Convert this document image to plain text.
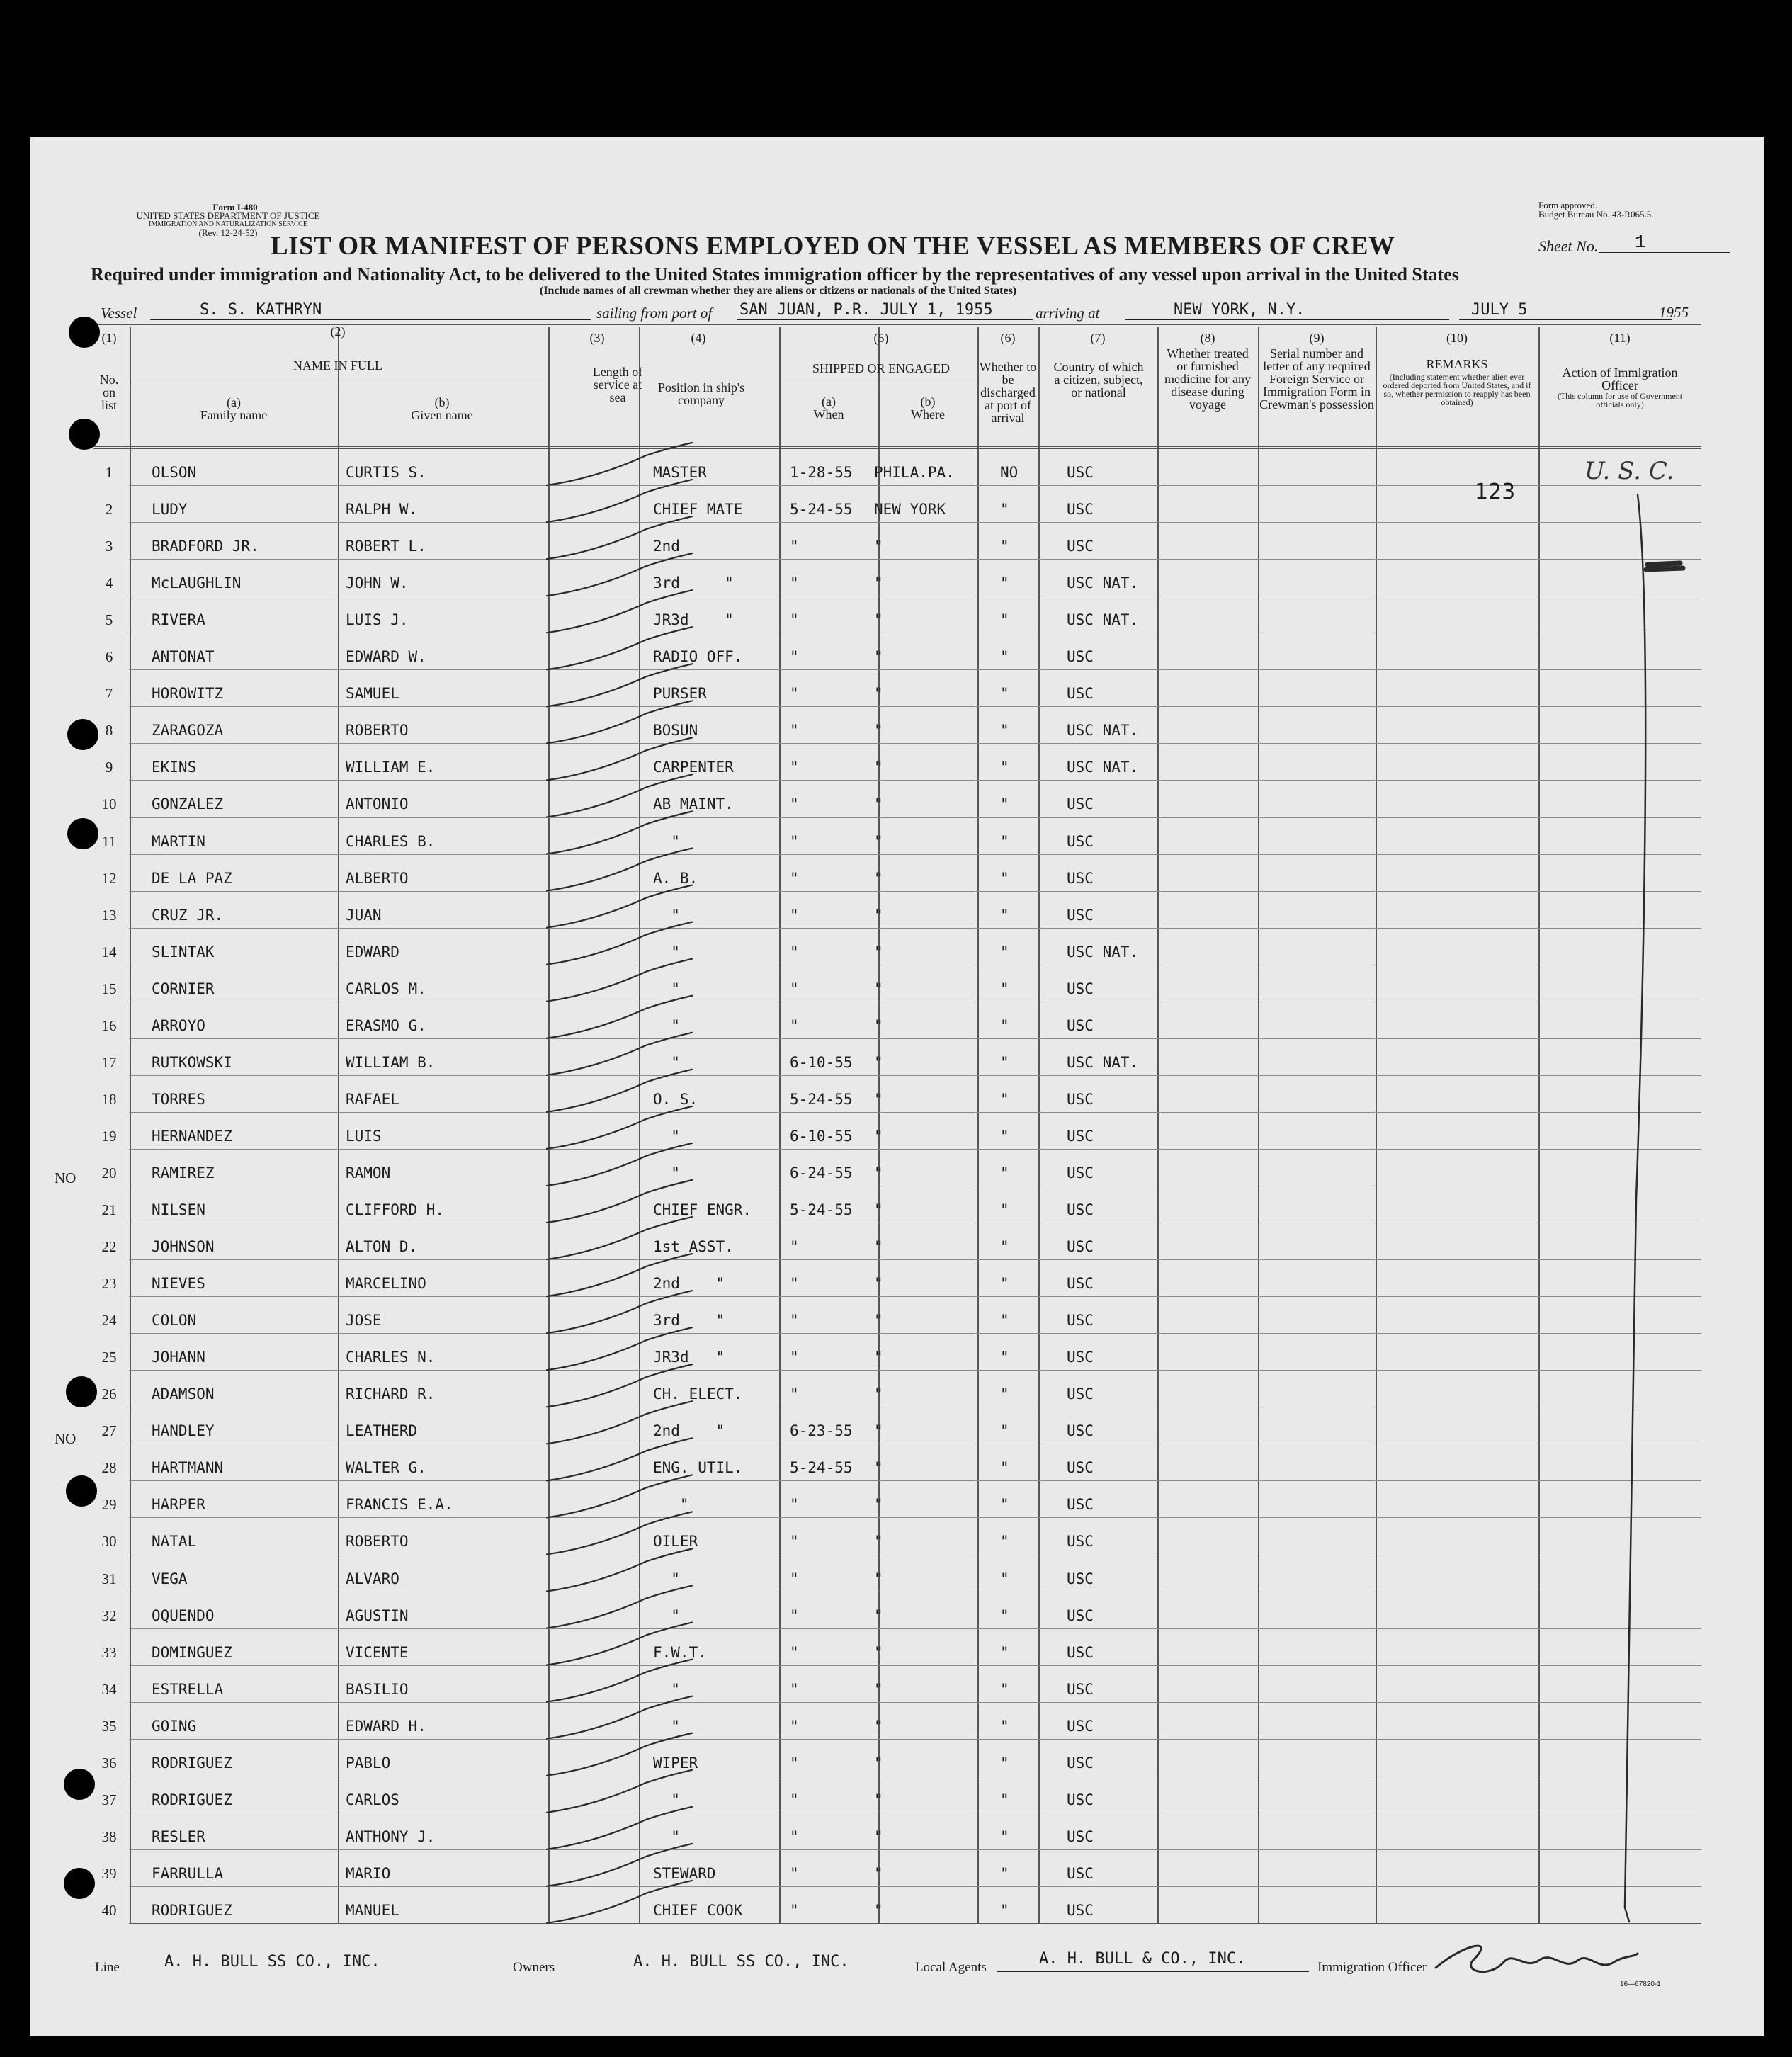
Form I-480
UNITED STATES DEPARTMENT OF JUSTICE
IMMIGRATION AND NATURALIZATION SERVICE
(Rev. 12-24-52)
Form approved.
Budget Bureau No. 43-R065.5.
LIST OR MANIFEST OF PERSONS EMPLOYED ON THE VESSEL AS MEMBERS OF CREW	Sheet No. 1
Required under immigration and Nationality Act, to be delivered to the United States immigration officer by the representatives of any vessel upon arrival in the United States
(Include names of all crewman whether they are aliens or citizens or nationals of the United States)
Vessel	S. S. KATHRYN	sailing from port of SAN JUAN, P.R. JULY 1, 1955	arriving at	NEW YORK, N.Y.	JULY 5	1955
(1)
No. on list
(2)
NAME IN FULL
(a)
Family name
(b)
Given name
(3)
Length of service at sea
(4)
Position in ship's company
(5)
SHIPPED OR ENGAGED
(a)
When
(b)
Where
(6)
Whether to be discharged at port of arrival
(7)
Country of which a citizen, subject, or national
(8)
Whether treated or furnished medicine for any disease during voyage
(9)
Serial number and letter of any required Foreign Service or Immigration Form in Crewman's possession
(10)
REMARKS
(Including statement whether alien ever ordered deported from United States, and if so, whether permission to reapply has been obtained)
(11)
Action of Immigration Officer
(This column for use of Government officials only)
1	OLSON	CURTIS S.	MASTER	1-28-55 PHILA.PA.	NO	USC
2	LUDY	RALPH W.	CHIEF MATE	5-24-55 NEW YORK	"	USC
3	BRADFORD JR.	ROBERT L.	2nd	"	"	"	USC
4	McLAUGHLIN	JOHN W.	3rd     "	"	"	"	USC NAT.
5	RIVERA	LUIS J.	JR3d    "	"	"	"	USC NAT.
6	ANTONAT	EDWARD W.	RADIO OFF.	"	"	"	USC
7	HOROWITZ	SAMUEL	PURSER	"	"	"	USC
8	ZARAGOZA	ROBERTO	BOSUN	"	"	"	USC NAT.
9	EKINS	WILLIAM E.	CARPENTER	"	"	"	USC NAT.
10	GONZALEZ	ANTONIO	AB MAINT.	"	"	"	USC
11	MARTIN	CHARLES B.	"	"	"	"	USC
12	DE LA PAZ	ALBERTO	A. B.	"	"	"	USC
13	CRUZ JR.	JUAN	"	"	"	"	USC
14	SLINTAK	EDWARD	"	"	"	"	USC NAT.
15	CORNIER	CARLOS M.	"	"	"	"	USC
16	ARROYO	ERASMO G.	"	"	"	"	USC
17	RUTKOWSKI	WILLIAM B.	"	6-10-55 "	"	USC NAT.
18	TORRES	RAFAEL	O. S.	5-24-55 "	"	USC
19	HERNANDEZ	LUIS	"	6-10-55 "	"	USC
20	RAMIREZ	RAMON	"	6-24-55 "	"	USC
21	NILSEN	CLIFFORD H.	CHIEF ENGR.	5-24-55 "	"	USC
22	JOHNSON	ALTON D.	1st ASST.	"	"	"	USC
23	NIEVES	MARCELINO	2nd    "	"	"	"	USC
24	COLON	JOSE	3rd    "	"	"	"	USC
25	JOHANN	CHARLES N.	JR3d   "	"	"	"	USC
26	ADAMSON	RICHARD R.	CH. ELECT.	"	"	"	USC
27	HANDLEY	LEATHERD	2nd    "	6-23-55 "	"	USC
28	HARTMANN	WALTER G.	ENG. UTIL.	5-24-55 "	"	USC
29	HARPER	FRANCIS E.A.	"	"	"	"	USC
30	NATAL	ROBERTO	OILER	"	"	"	USC
31	VEGA	ALVARO	"	"	"	"	USC
32	OQUENDO	AGUSTIN	"	"	"	"	USC
33	DOMINGUEZ	VICENTE	F.W.T.	"	"	"	USC
34	ESTRELLA	BASILIO	"	"	"	"	USC
35	GOING	EDWARD H.	"	"	"	"	USC
36	RODRIGUEZ	PABLO	WIPER	"	"	"	USC
37	RODRIGUEZ	CARLOS	"	"	"	"	USC
38	RESLER	ANTHONY J.	"	"	"	"	USC
39	FARRULLA	MARIO	STEWARD	"	"	"	USC
40	RODRIGUEZ	MANUEL	CHIEF COOK	"	"	"	USC
123
U. S. C.
NO
NO
Line	A. H. BULL SS CO., INC.	Owners	A. H. BULL SS CO., INC.	Local Agents	A. H. BULL & CO., INC.	Immigration Officer
16—67820-1
